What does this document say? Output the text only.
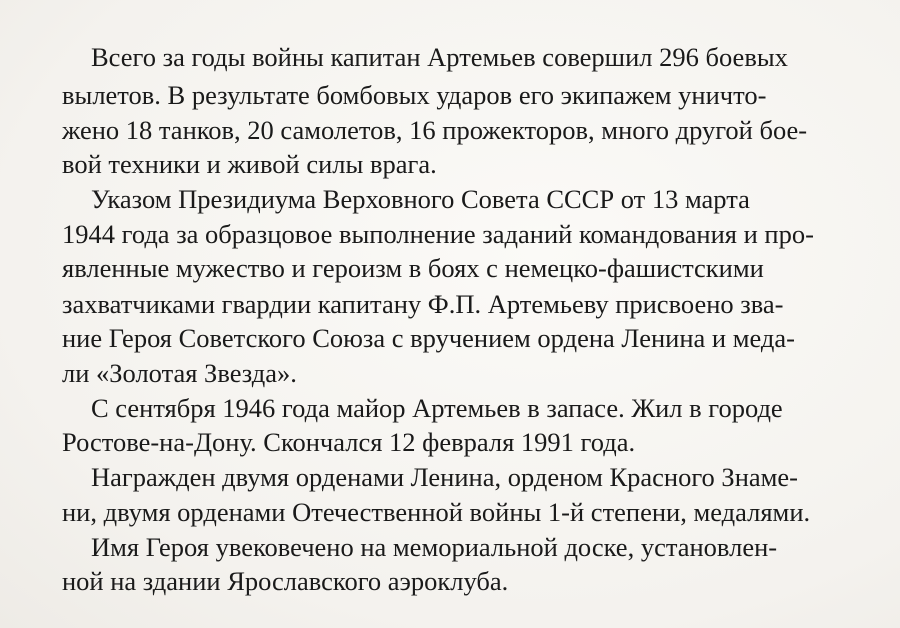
Всего за годы войны капитан Артемьев совершил 296 боевых
вылетов. В результате бомбовых ударов его экипажем уничто-
жено 18 танков, 20 самолетов, 16 прожекторов, много другой бое-
вой техники и живой силы врага.
Указом Президиума Верховного Совета СССР от 13 марта
1944 года за образцовое выполнение заданий командования и про-
явленные мужество и героизм в боях с немецко-фашистскими
захватчиками гвардии капитану Ф.П. Артемьеву присвоено зва-
ние Героя Советского Союза с вручением ордена Ленина и меда-
ли «Золотая Звезда».
С сентября 1946 года майор Артемьев в запасе. Жил в городе
Ростове-на-Дону. Скончался 12 февраля 1991 года.
Награжден двумя орденами Ленина, орденом Красного Знаме-
ни, двумя орденами Отечественной войны 1-й степени, медалями.
Имя Героя увековечено на мемориальной доске, установлен-
ной на здании Ярославского аэроклуба.
